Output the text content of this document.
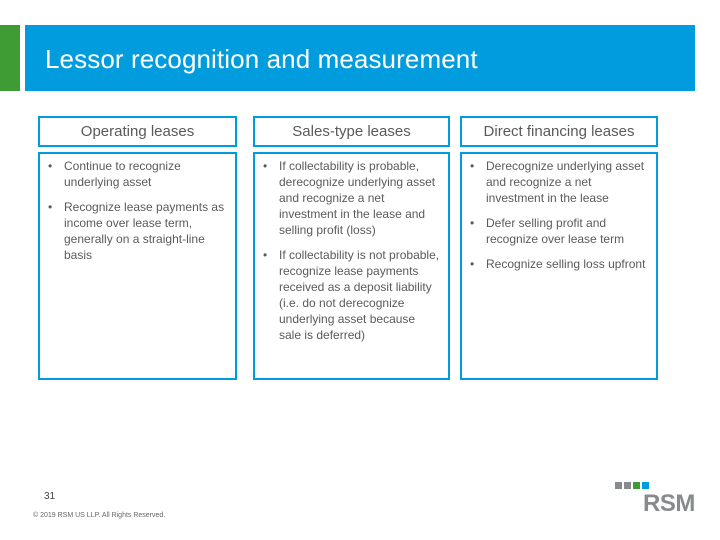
Lessor recognition and measurement
Operating leases
• Continue to recognize underlying asset
• Recognize lease payments as income over lease term, generally on a straight-line basis
Sales-type leases
• If collectability is probable, derecognize underlying asset and recognize a net investment in the lease and selling profit (loss)
• If collectability is not probable, recognize lease payments received as a deposit liability (i.e. do not derecognize underlying asset because sale is deferred)
Direct financing leases
• Derecognize underlying asset and recognize a net investment in the lease
• Defer selling profit and recognize over lease term
• Recognize selling loss upfront
31
© 2019 RSM US LLP. All Rights Reserved.	RSM
